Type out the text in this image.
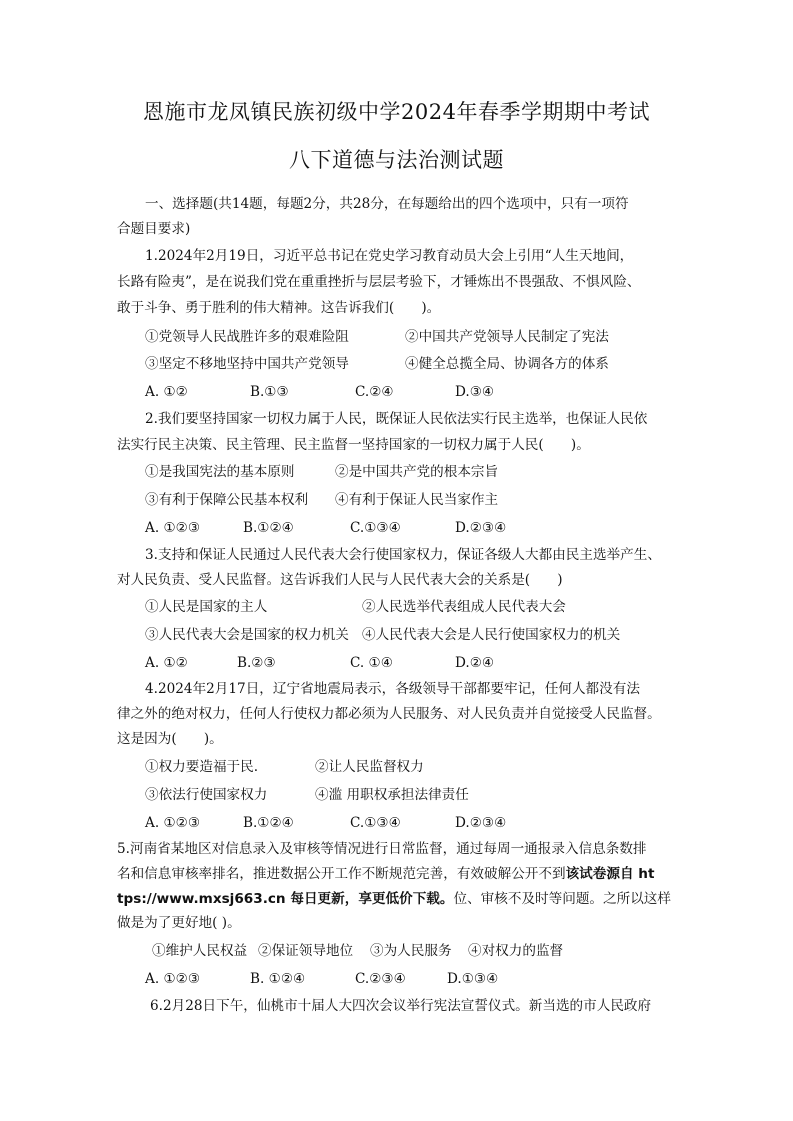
恩施市龙凤镇民族初级中学2024年春季学期期中考试
八下道德与法治测试题
一、选择题(共14题，每题2分，共28分，在每题给出的四个选项中，只有一项符
合题目要求)
1.2024年2月19日，习近平总书记在党史学习教育动员大会上引用“人生天地间，
长路有险夷”，是在说我们党在重重挫折与层层考验下，才锤炼出不畏强敌、不惧风险、
敢于斗争、勇于胜利的伟大精神。这告诉我们(　　)。
①党领导人民战胜许多的艰难险阻	②中国共产党领导人民制定了宪法
③坚定不移地坚持中国共产党领导	④健全总揽全局、协调各方的体系
A. ①②	B.①③	C.②④	D.③④
2.我们要坚持国家一切权力属于人民，既保证人民依法实行民主选举，也保证人民依
法实行民主决策、民主管理、民主监督一坚持国家的一切权力属于人民(　　)。
①是我国宪法的基本原则	②是中国共产党的根本宗旨
③有利于保障公民基本权利 ④有利于保证人民当家作主
A. ①②③	B.①②④	C.①③④	D.②③④
3.支持和保证人民通过人民代表大会行使国家权力，保证各级人大都由民主选举产生、
对人民负责、受人民监督。这告诉我们人民与人民代表大会的关系是(　　)
①人民是国家的主人	②人民选举代表组成人民代表大会
③人民代表大会是国家的权力机关 ④人民代表大会是人民行使国家权力的机关
A. ①②	B.②③	C. ①④	D.②④
4.2024年2月17日，辽宁省地震局表示，各级领导干部都要牢记，任何人都没有法
律之外的绝对权力，任何人行使权力都必须为人民服务、对人民负责并自觉接受人民监督。
这是因为(　　)。
①权力要造福于民.	②让人民监督权力
③依法行使国家权力	④滥 用职权承担法律责任
A. ①②③	B.①②④	C.①③④	D.②③④
5.河南省某地区对信息录入及审核等情况进行日常监督，通过每周一通报录入信息条数排
名和信息审核率排名，推进数据公开工作不断规范完善，有效破解公开不到该试卷源自 ht
tps://www.mxsj663.cn 每日更新，享更低价下载。位、审核不及时等问题。之所以这样
做是为了更好地( )。
①维护人民权益 ②保证领导地位 ③为人民服务 ④对权力的监督
A. ①②③	B. ①②④	C.②③④	D.①③④
6.2月28日下午，仙桃市十届人大四次会议举行宪法宣誓仪式。新当选的市人民政府
